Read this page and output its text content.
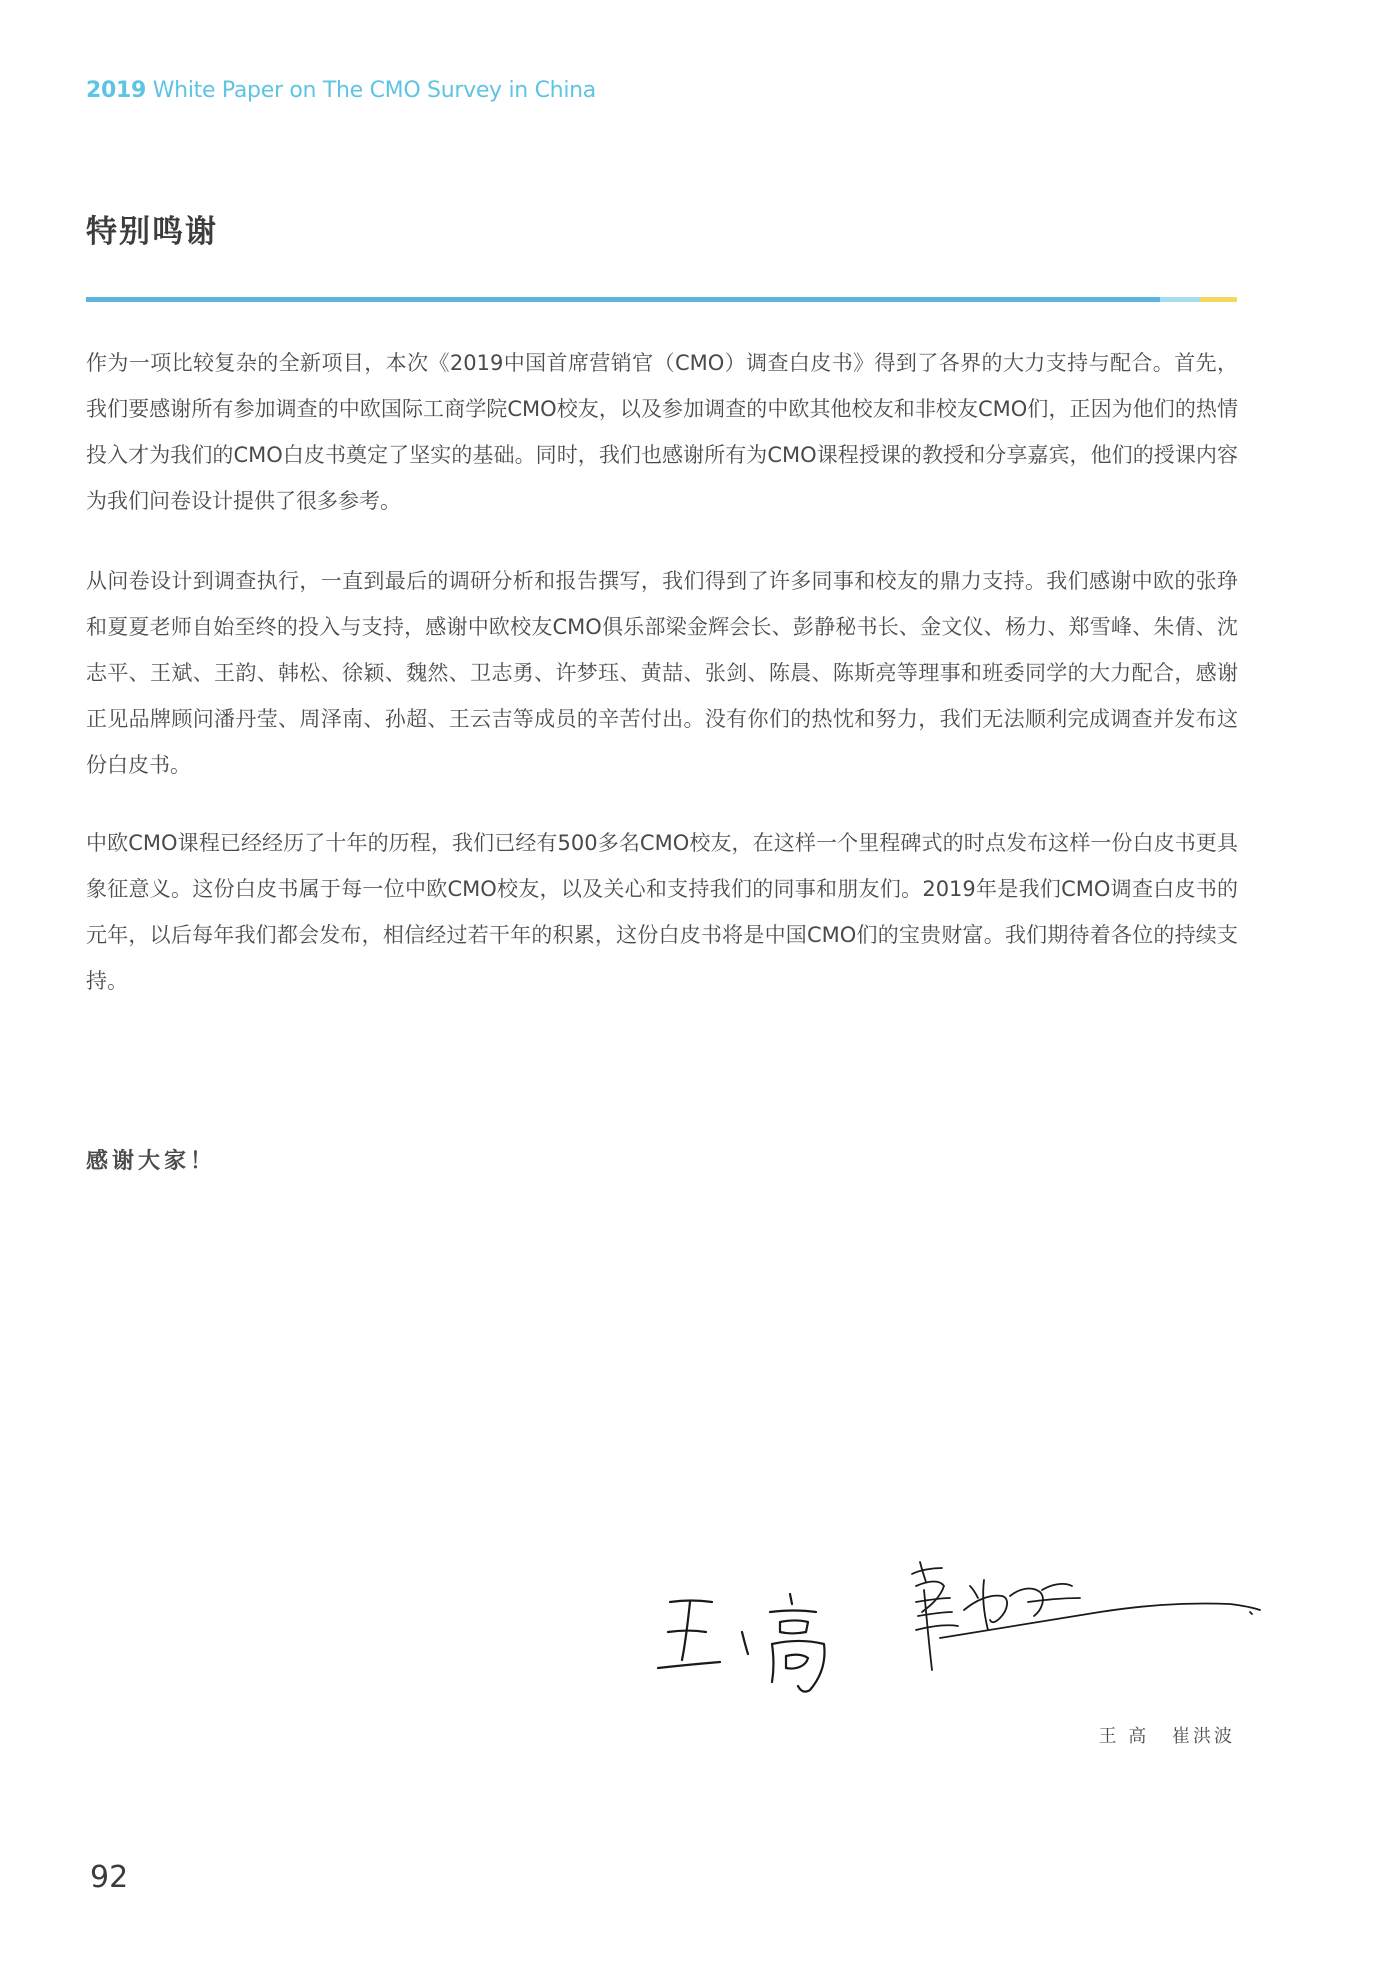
2019 White Paper on The CMO Survey in China
特别鸣谢

作为一项比较复杂的全新项目，本次《2019中国首席营销官（CMO）调查白皮书》得到了各界的大力支持与配合。首先，我们要感谢所有参加调查的中欧国际工商学院CMO校友，以及参加调查的中欧其他校友和非校友CMO们，正因为他们的热情投入才为我们的CMO白皮书奠定了坚实的基础。同时，我们也感谢所有为CMO课程授课的教授和分享嘉宾，他们的授课内容为我们问卷设计提供了很多参考。

从问卷设计到调查执行，一直到最后的调研分析和报告撰写，我们得到了许多同事和校友的鼎力支持。我们感谢中欧的张琤和夏夏老师自始至终的投入与支持，感谢中欧校友CMO俱乐部梁金辉会长、彭静秘书长、金文仪、杨力、郑雪峰、朱倩、沈志平、王斌、王韵、韩松、徐颖、魏然、卫志勇、许梦珏、黄喆、张剑、陈晨、陈斯亮等理事和班委同学的大力配合，感谢正见品牌顾问潘丹莹、周泽南、孙超、王云吉等成员的辛苦付出。没有你们的热忱和努力，我们无法顺利完成调查并发布这份白皮书。

中欧CMO课程已经经历了十年的历程，我们已经有500多名CMO校友，在这样一个里程碑式的时点发布这样一份白皮书更具象征意义。这份白皮书属于每一位中欧CMO校友，以及关心和支持我们的同事和朋友们。2019年是我们CMO调查白皮书的元年，以后每年我们都会发布，相信经过若干年的积累，这份白皮书将是中国CMO们的宝贵财富。我们期待着各位的持续支持。

感谢大家！

王 高 崔洪波
92
